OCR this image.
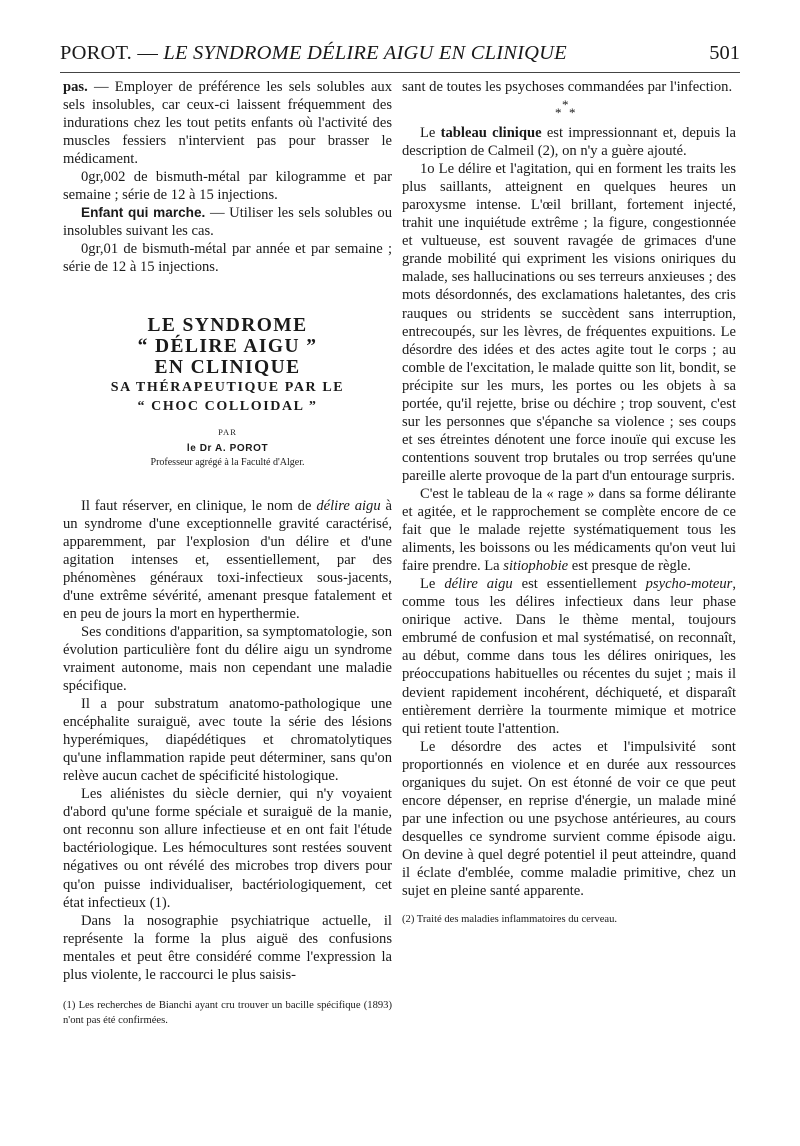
POROT. — LE SYNDROME DÉLIRE AIGU EN CLINIQUE	501

pas. — Employer de préférence les sels solubles aux sels insolubles, car ceux-ci laissent fréquemment des indurations chez les tout petits enfants où l'activité des muscles fessiers n'intervient pas pour brasser le médicament.

0gr,002 de bismuth-métal par kilogramme et par semaine ; série de 12 à 15 injections.

Enfant qui marche. — Utiliser les sels solubles ou insolubles suivant les cas.

0gr,01 de bismuth-métal par année et par semaine ; série de 12 à 15 injections.

LE SYNDROME
“ DÉLIRE AIGU ”
EN CLINIQUE
SA THÉRAPEUTIQUE PAR LE
“ CHOC COLLOIDAL ”
PAR
le Dr A. POROT
Professeur agrégé à la Faculté d'Alger.

Il faut réserver, en clinique, le nom de délire aigu à un syndrome d'une exceptionnelle gravité caractérisé, apparemment, par l'explosion d'un délire et d'une agitation intenses et, essentiellement, par des phénomènes généraux toxi-infectieux sous-jacents, d'une extrême sévérité, amenant presque fatalement et en peu de jours la mort en hyperthermie.

Ses conditions d'apparition, sa symptomatologie, son évolution particulière font du délire aigu un syndrome vraiment autonome, mais non cependant une maladie spécifique.

Il a pour substratum anatomo-pathologique une encéphalite suraiguë, avec toute la série des lésions hyperémiques, diapédétiques et chromatolytiques qu'une inflammation rapide peut déterminer, sans qu'on relève aucun cachet de spécificité histologique.

Les aliénistes du siècle dernier, qui n'y voyaient d'abord qu'une forme spéciale et suraiguë de la manie, ont reconnu son allure infectieuse et en ont fait l'étude bactériologique. Les hémocultures sont restées souvent négatives ou ont révélé des microbes trop divers pour qu'on puisse individualiser, bactériologiquement, cet état infectieux (1).

Dans la nosographie psychiatrique actuelle, il représente la forme la plus aiguë des confusions mentales et peut être considéré comme l'expression la plus violente, le raccourci le plus saisis-

(1) Les recherches de Bianchi ayant cru trouver un bacille spécifique (1893) n'ont pas été confirmées.

sant de toutes les psychoses commandées par l'infection.

*
* *

Le tableau clinique est impressionnant et, depuis la description de Calmeil (2), on n'y a guère ajouté.

1o Le délire et l'agitation, qui en forment les traits les plus saillants, atteignent en quelques heures un paroxysme intense. L'œil brillant, fortement injecté, trahit une inquiétude extrême ; la figure, congestionnée et vultueuse, est souvent ravagée de grimaces d'une grande mobilité qui expriment les visions oniriques du malade, ses hallucinations ou ses terreurs anxieuses ; des mots désordonnés, des exclamations haletantes, des cris rauques ou stridents se succèdent sans interruption, entrecoupés, sur les lèvres, de fréquentes expuitions. Le désordre des idées et des actes agite tout le corps ; au comble de l'excitation, le malade quitte son lit, bondit, se précipite sur les murs, les portes ou les objets à sa portée, qu'il rejette, brise ou déchire ; trop souvent, c'est sur les personnes que s'épanche sa violence ; ses coups et ses étreintes dénotent une force inouïe qui excuse les contentions souvent trop brutales ou trop serrées qu'une pareille alerte provoque de la part d'un entourage surpris.

C'est le tableau de la « rage » dans sa forme délirante et agitée, et le rapprochement se complète encore de ce fait que le malade rejette systématiquement tous les aliments, les boissons ou les médicaments qu'on veut lui faire prendre. La sitiophobie est presque de règle.

Le délire aigu est essentiellement psycho-moteur, comme tous les délires infectieux dans leur phase onirique active. Dans le thème mental, toujours embrumé de confusion et mal systématisé, on reconnaît, au début, comme dans tous les délires oniriques, les préoccupations habituelles ou récentes du sujet ; mais il devient rapidement incohérent, déchiqueté, et disparaît entièrement derrière la tourmente mimique et motrice qui retient toute l'attention.

Le désordre des actes et l'impulsivité sont proportionnés en violence et en durée aux ressources organiques du sujet. On est étonné de voir ce que peut encore dépenser, en reprise d'énergie, un malade miné par une infection ou une psychose antérieures, au cours desquelles ce syndrome survient comme épisode aigu. On devine à quel degré potentiel il peut atteindre, quand il éclate d'emblée, comme maladie primitive, chez un sujet en pleine santé apparente.

(2) Traité des maladies inflammatoires du cerveau.
